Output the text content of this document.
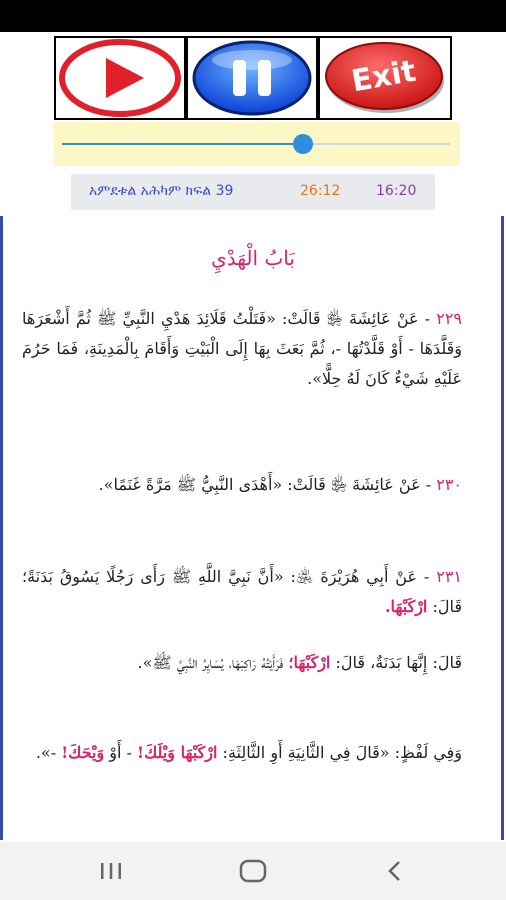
Exit
አምደቱል አሕካም ክፍል 39	26:12	16:20
بَابُ الْهَدْيِ

٢٢٩ - عَنْ عَائِشَةَ ﵂ قَالَتْ: «فَتَلْتُ قَلَائِدَ هَدْيِ النَّبِيِّ ﷺ ثُمَّ أَشْعَرَهَا وَقَلَّدَهَا - أَوْ قَلَّدْتُهَا -، ثُمَّ بَعَثَ بِهَا إِلَى الْبَيْتِ وَأَقَامَ بِالْمَدِينَةِ، فَمَا حَرُمَ عَلَيْهِ شَيْءٌ كَانَ لَهُ حِلًّا».

٢٣٠ - عَنْ عَائِشَةَ ﵂ قَالَتْ: «أَهْدَى النَّبِيُّ ﷺ مَرَّةً غَنَمًا».

٢٣١ - عَنْ أَبِي هُرَيْرَةَ ﵁: «أَنَّ نَبِيَّ اللَّهِ ﷺ رَأَى رَجُلًا يَسُوقُ بَدَنَةً؛ قَالَ: ارْكَبْهَا.

قَالَ: إِنَّهَا بَدَنَةٌ، قَالَ: ارْكَبْهَا؛ فَرَأَيْتُهُ رَاكِبَهَا، يُسَايِرُ النَّبِيَّ ﷺ».

وَفِي لَفْظٍ: «قَالَ فِي الثَّانِيَةِ أَوِ الثَّالِثَةِ: ارْكَبْهَا وَيْلَكَ! - أَوْ وَيْحَكَ! -».
